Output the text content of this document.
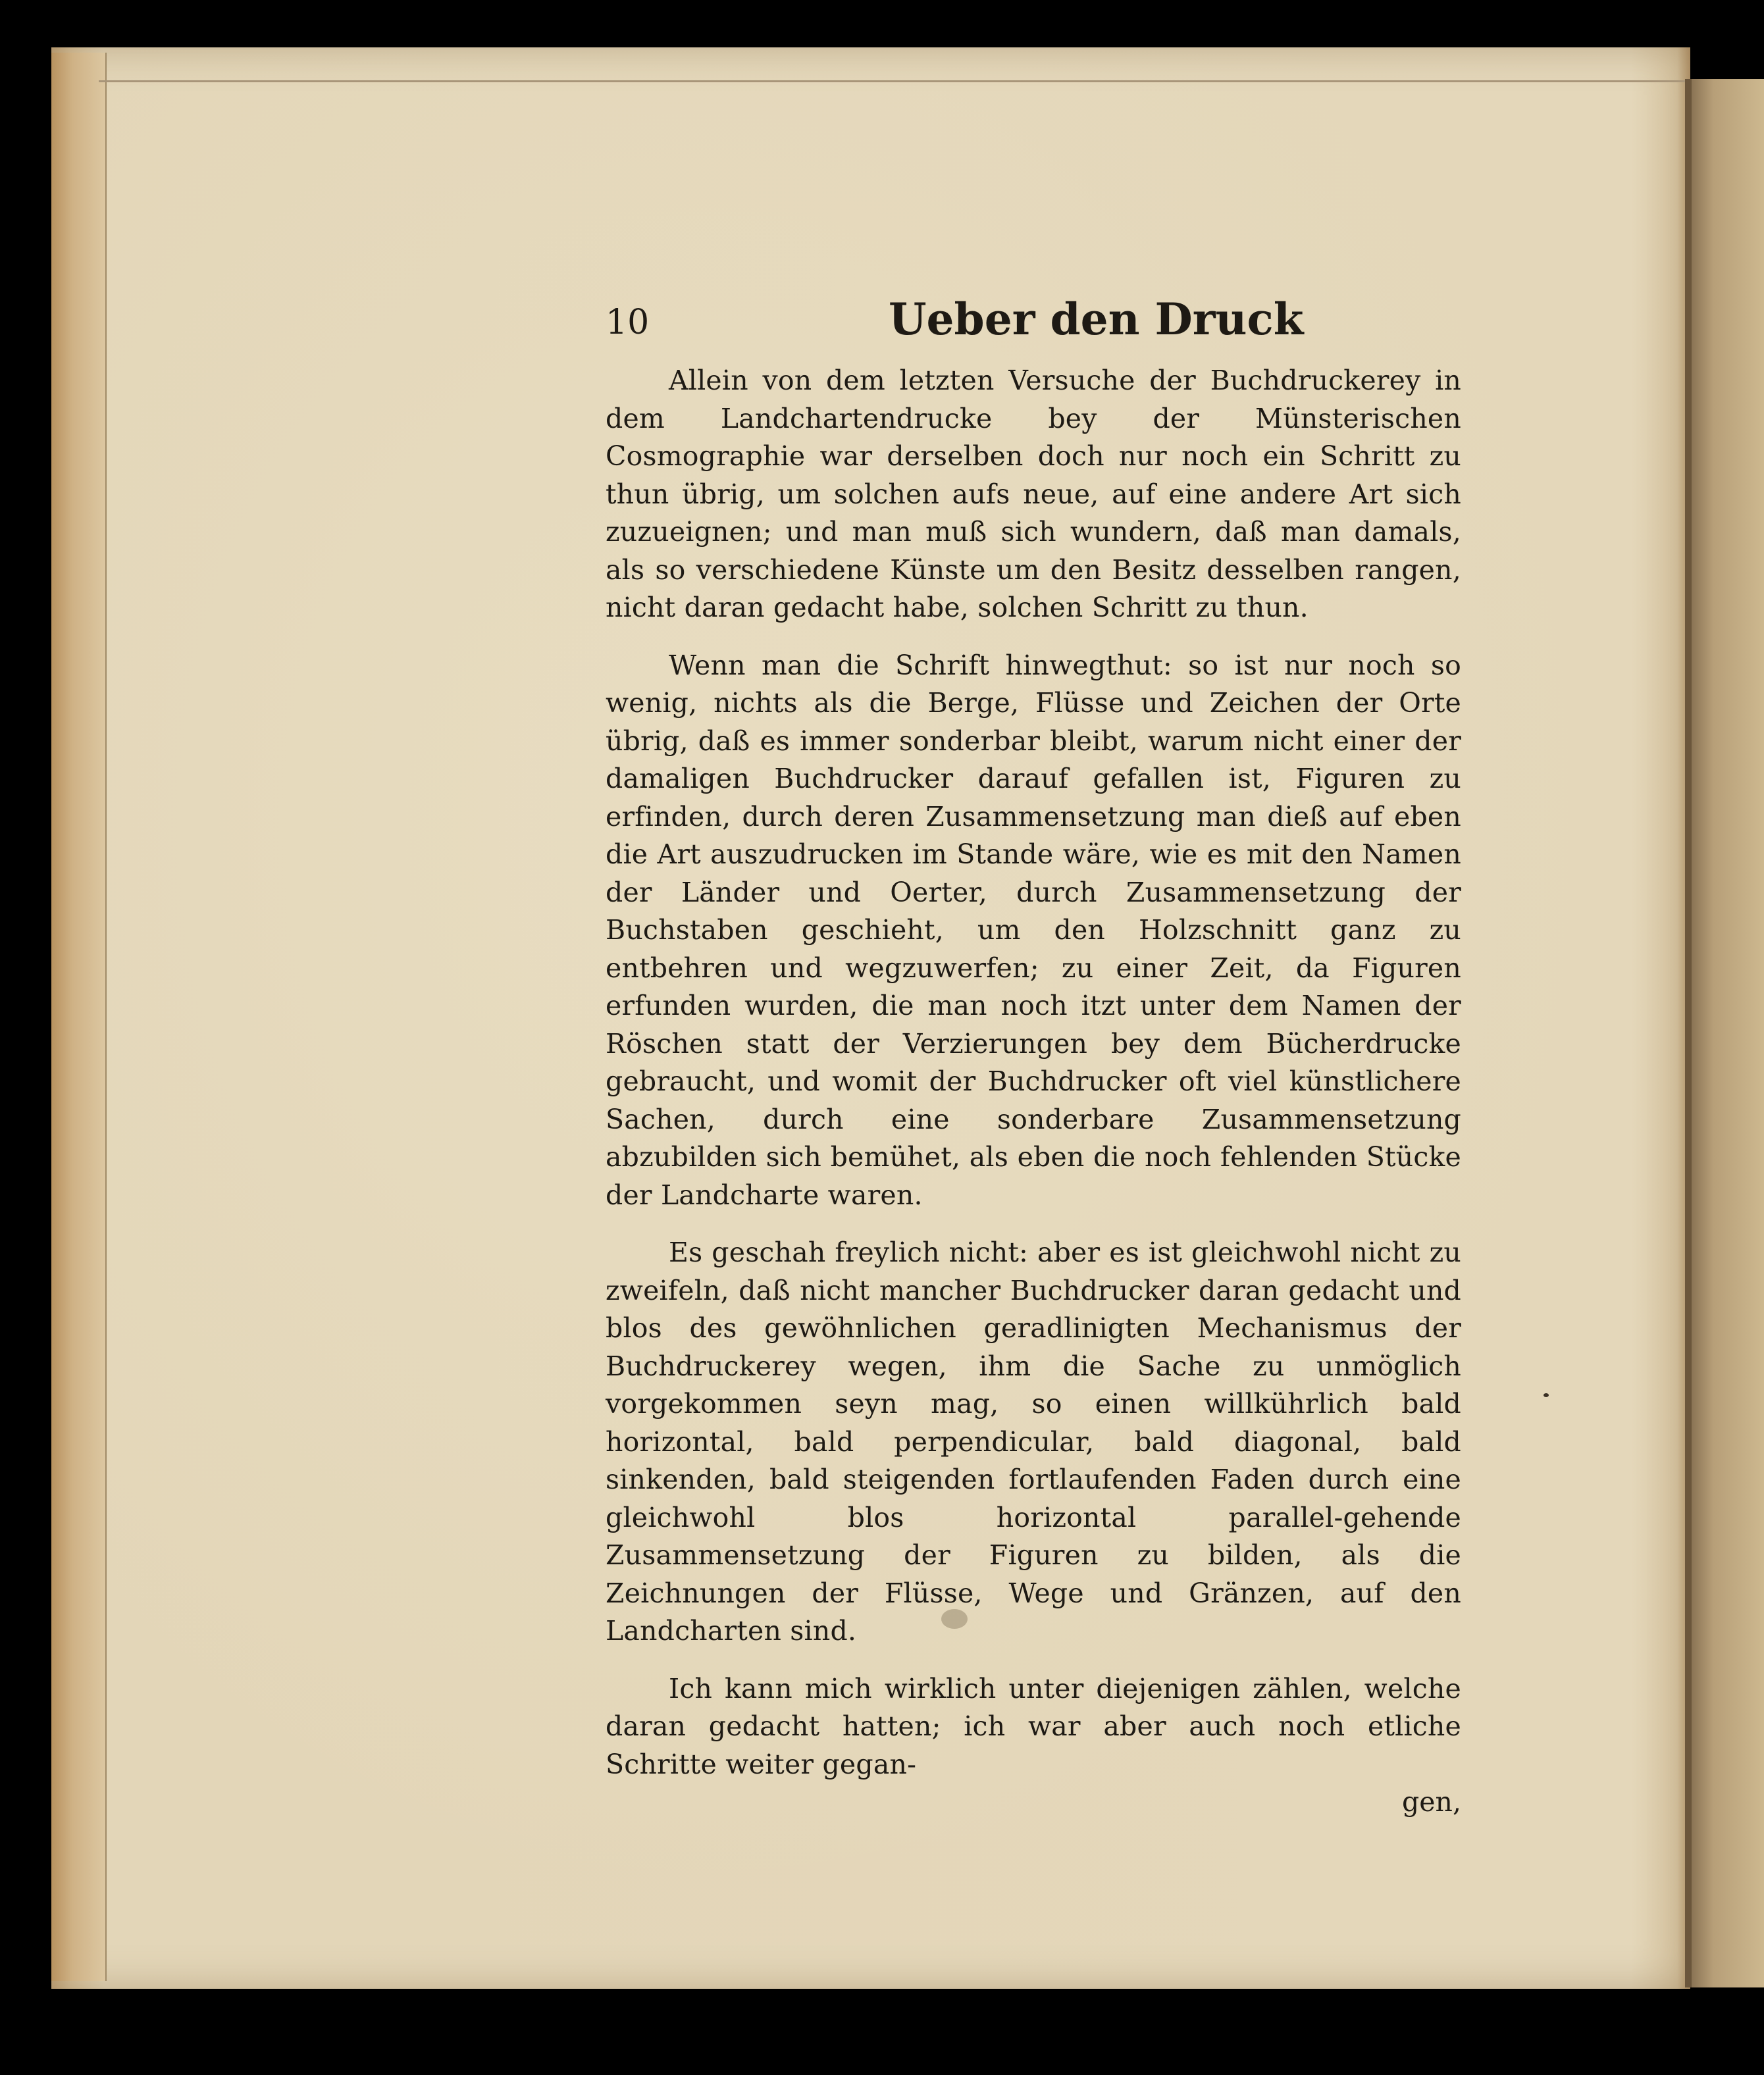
10	Ueber den Druck

Allein von dem letzten Versuche der Buchdruckerey in dem Landchartendrucke bey der Münsterischen Cosmographie war derselben doch nur noch ein Schritt zu thun übrig, um solchen aufs neue, auf eine andere Art sich zuzueignen; und man muß sich wundern, daß man damals, als so verschiedene Künste um den Besitz desselben rangen, nicht daran gedacht habe, solchen Schritt zu thun.

Wenn man die Schrift hinwegthut: so ist nur noch so wenig, nichts als die Berge, Flüsse und Zeichen der Orte übrig, daß es immer sonderbar bleibt, warum nicht einer der damaligen Buchdrucker darauf gefallen ist, Figuren zu erfinden, durch deren Zusammensetzung man dieß auf eben die Art auszudrucken im Stande wäre, wie es mit den Namen der Länder und Oerter, durch Zusammensetzung der Buchstaben geschieht, um den Holzschnitt ganz zu entbehren und wegzuwerfen; zu einer Zeit, da Figuren erfunden wurden, die man noch itzt unter dem Namen der Röschen statt der Verzierungen bey dem Bücherdrucke gebraucht, und womit der Buchdrucker oft viel künstlichere Sachen, durch eine sonderbare Zusammensetzung abzubilden sich bemühet, als eben die noch fehlenden Stücke der Landcharte waren.

Es geschah freylich nicht: aber es ist gleichwohl nicht zu zweifeln, daß nicht mancher Buchdrucker daran gedacht und blos des gewöhnlichen geradlinigten Mechanismus der Buchdruckerey wegen, ihm die Sache zu unmöglich vorgekommen seyn mag, so einen willkührlich bald horizontal, bald perpendicular, bald diagonal, bald sinkenden, bald steigenden fortlaufenden Faden durch eine gleichwohl blos horizontal parallel-gehende Zusammensetzung der Figuren zu bilden, als die Zeichnungen der Flüsse, Wege und Gränzen, auf den Landcharten sind.

Ich kann mich wirklich unter diejenigen zählen, welche daran gedacht hatten; ich war aber auch noch etliche Schritte weiter gegan-

gen,
